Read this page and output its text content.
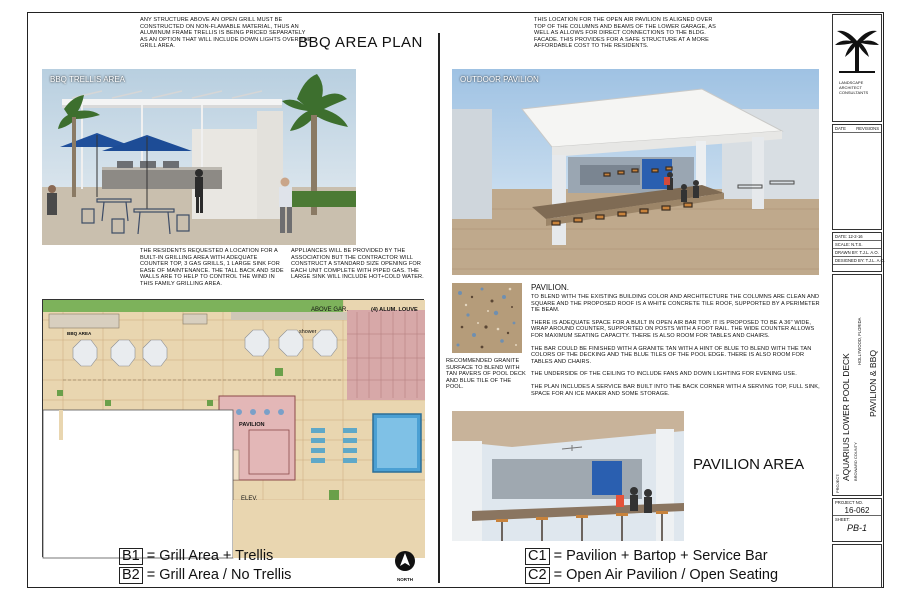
ANY STRUCTURE ABOVE AN OPEN GRILL MUST BE CONSTRUCTED ON NON-FLAMABLE MATERIAL, THUS AN ALUMINUM FRAME TRELLIS IS BEING PRICED SEPARATELY AS AN OPTION THAT WILL INCLUDE DOWN LIGHTS OVER THE GRILL AREA.	BBQ AREA PLAN
BBQ TRELLIS AREA
THE RESIDENTS REQUESTED A LOCATION FOR A BUILT-IN GRILLING AREA WITH ADEQUATE COUNTER TOP, 3 GAS GRILLS, 1 LARGE SINK FOR EASE OF MAINTENANCE. THE TALL BACK AND SIDE WALLS ARE TO HELP TO CONTROL THE WIND IN THIS FAMILY GRILLING AREA.
APPLIANCES WILL BE PROVIDED BY THE ASSOCIATION BUT THE CONTRACTOR WILL CONSTRUCT A STANDARD SIZE OPENING FOR EACH UNIT COMPLETE WITH PIPED GAS. THE LARGE SINK WILL INCLUDE HOT+COLD WATER.
ABOVE GAR.	(4) ALUM. LOUVE
BBQ AREA	shower
PAVILION
ELEV.
B1 = Grill Area + Trellis
B2 = Grill Area / No Trellis	NORTH
THIS LOCATION FOR THE OPEN AIR PAVILION IS ALIGNED OVER TOP OF THE COLUMNS AND BEAMS OF THE LOWER GARAGE, AS WELL AS ALLOWS FOR DIRECT CONNECTIONS TO THE BLDG. FACADE. THIS PROVIDES FOR A SAFE STRUCTURE AT A MORE AFFORDABLE COST TO THE RESIDENTS.
OUTDOOR PAVILION
RECOMMENDED GRANITE SURFACE TO BLEND WITH TAN PAVERS OF POOL DECK AND BLUE TILE OF THE POOL.
PAVILION.

TO BLEND WITH THE EXISTING BUILDING COLOR AND ARCHITECTURE THE COLUMNS ARE CLEAN AND SQUARE AND THE PROPOSED ROOF IS A WHITE CONCRETE TILE ROOF, SUPPORTED BY A PERIMETER TIE BEAM.

THERE IS ADEQUATE SPACE FOR A BUILT IN OPEN AIR BAR TOP. IT IS PROPOSED TO BE A 36" WIDE, WRAP AROUND COUNTER, SUPPORTED ON POSTS WITH A FOOT RAIL. THE WIDE COUNTER ALLOWS FOR MAXIMUM SEATING CAPACITY. THERE IS ALSO ROOM FOR TABLES AND CHAIRS.

THE BAR COULD BE FINISHED WITH A GRANITE TAN WITH A HINT OF BLUE TO BLEND WITH THE TAN COLORS OF THE DECKING AND THE BLUE TILES OF THE POOL EDGE. THERE IS ALSO ROOM FOR TABLES AND CHAIRS.

THE UNDERSIDE OF THE CEILING TO INCLUDE FANS AND DOWN LIGHTING FOR EVENING USE.

THE PLAN INCLUDES A SERVICE BAR BUILT INTO THE BACK CORNER WITH A SERVING TOP, FULL SINK, SPACE FOR AN ICE MAKER AND SOME STORAGE.

PAVILION AREA
C1 = Pavilion + Bartop + Service Bar
C2 = Open Air Pavilion / Open Seating
LANDSCAPE
ARCHITECT
CONSULTANTS
DATE REVISIONS
DATE: 12-2-16
SCALE: N.T.S.
DRAWN BY: T.J.L. A.O.
DESIGNED BY: T.J.L. A.O.
PROJECT:
AQUARIUS LOWER POOL DECK BROWARD COUNTY
HOLLYWOOD, FLORIDA
PAVILION & BBQ
PROJECT NO.
16-062
SHEET:
PB-1
